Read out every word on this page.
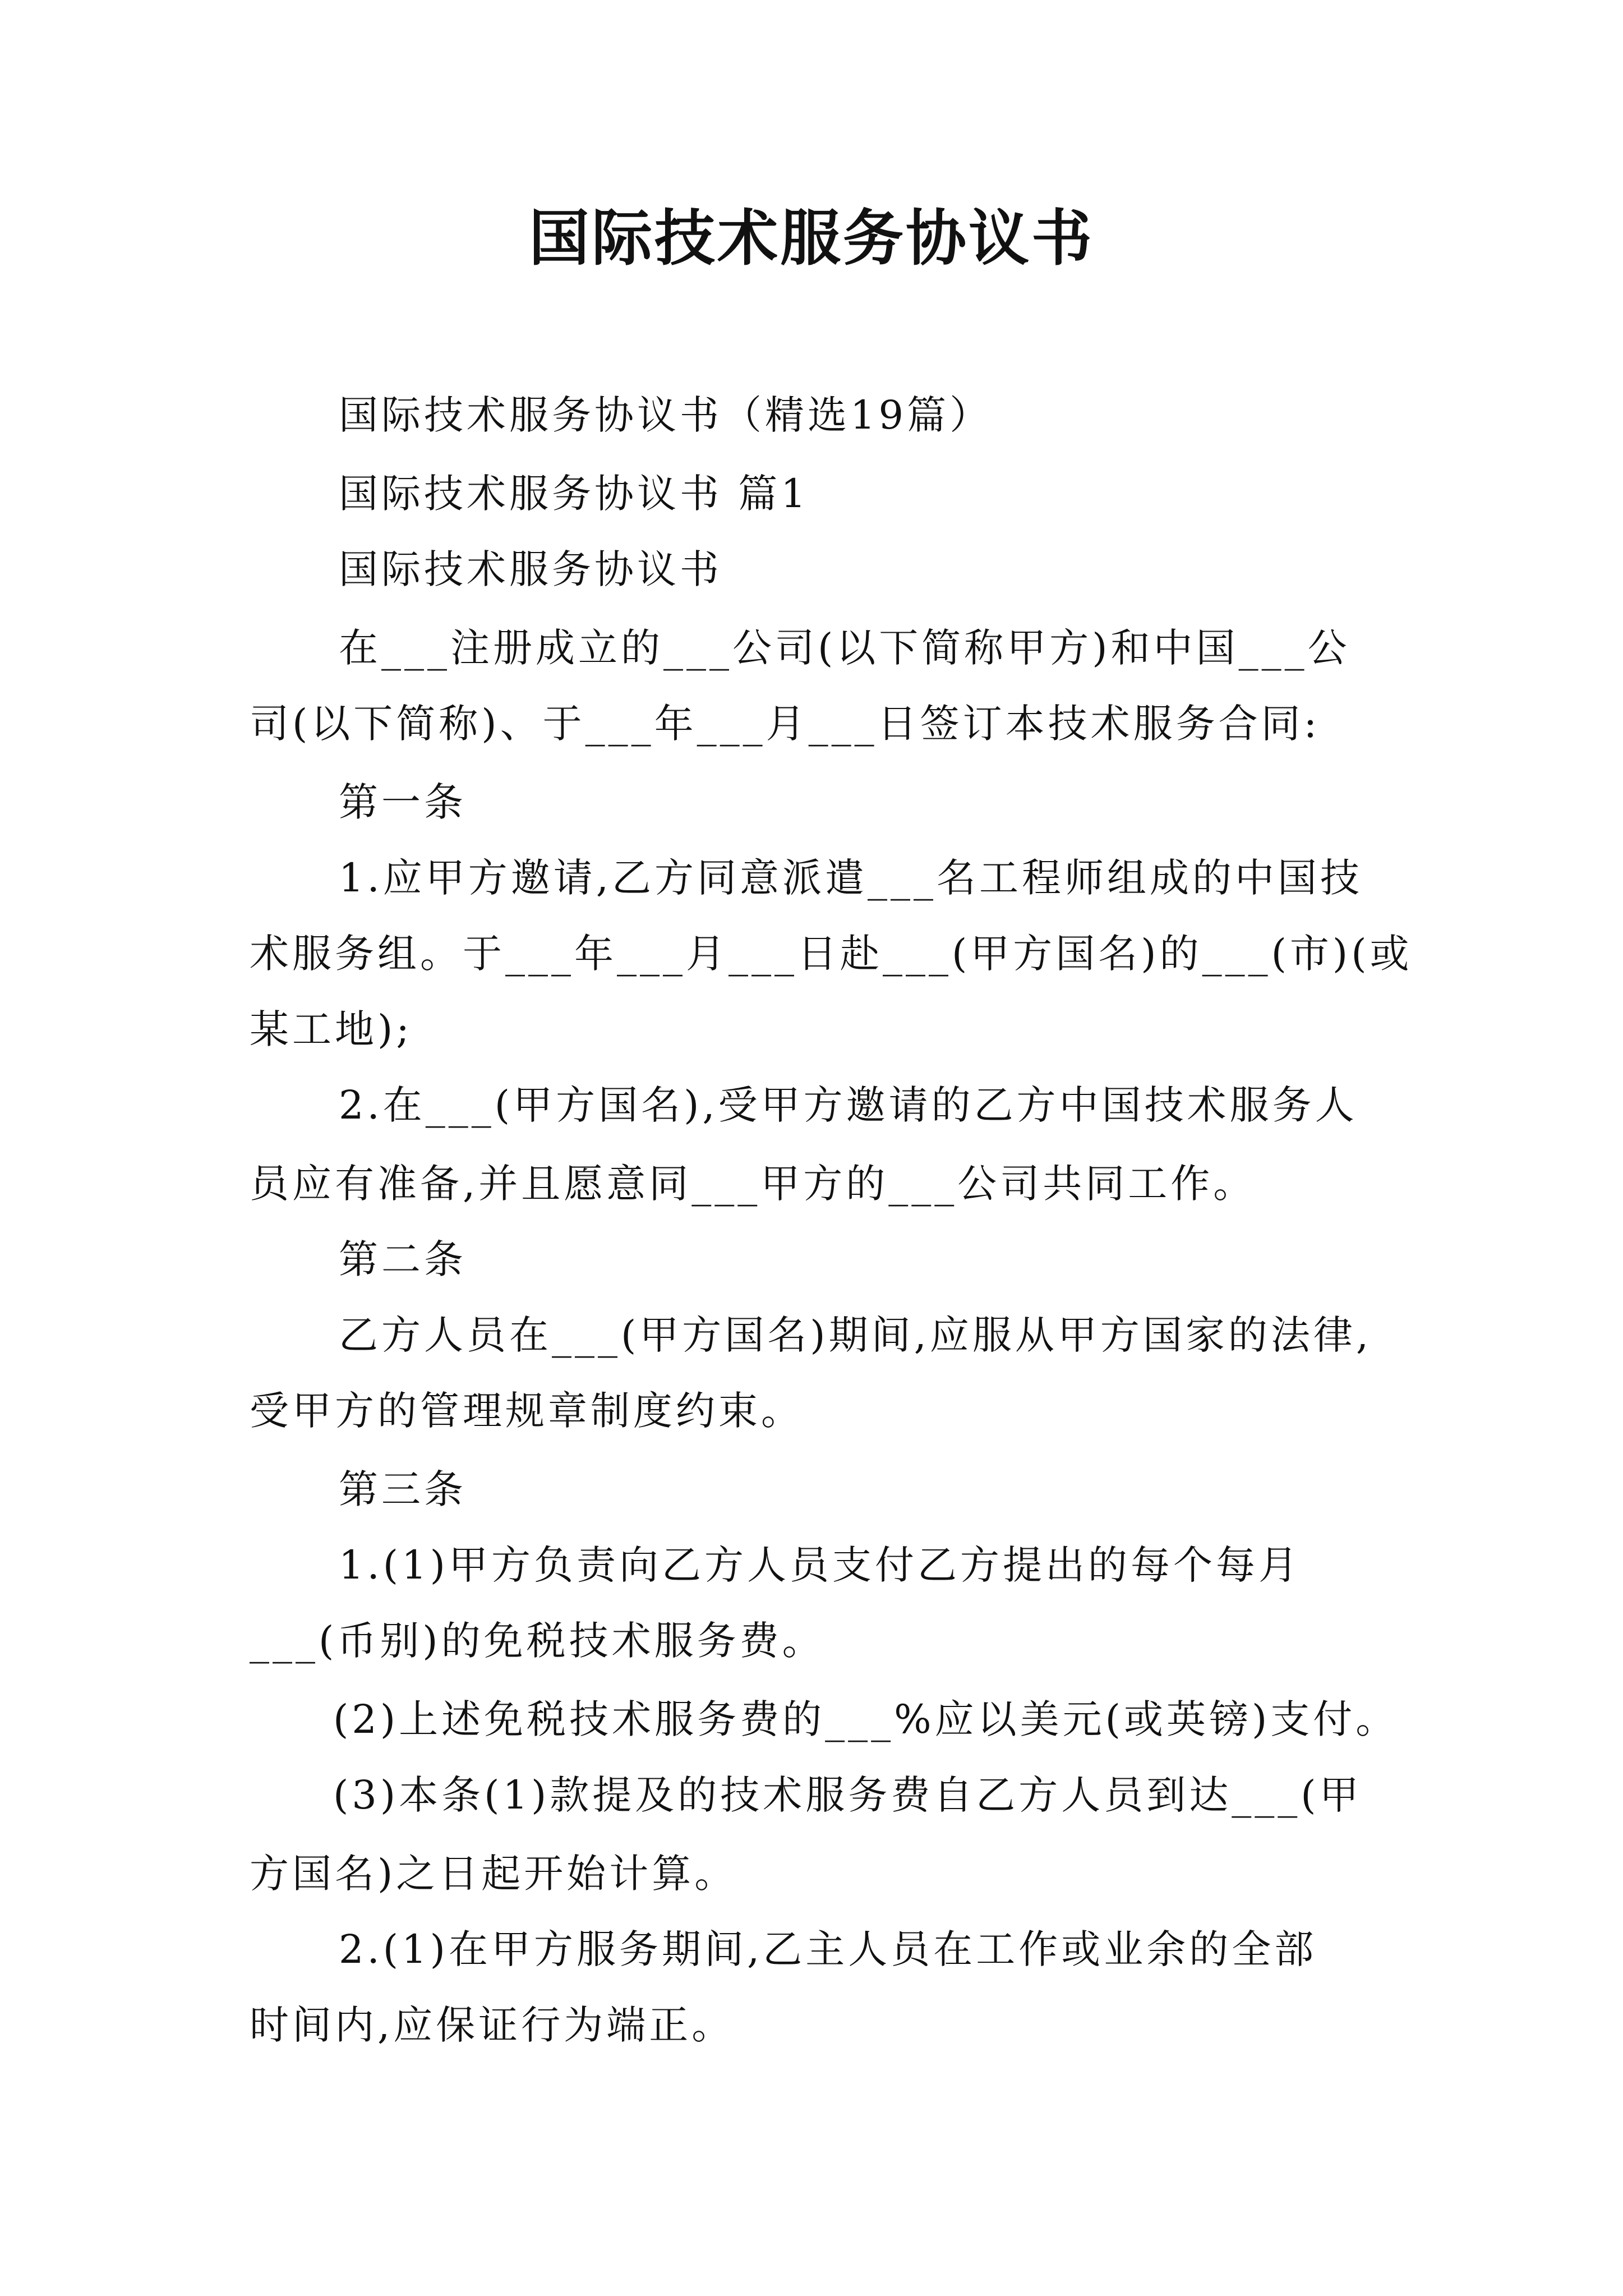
国际技术服务协议书
国际技术服务协议书（精选19篇）
国际技术服务协议书 篇1
国际技术服务协议书
在___注册成立的___公司(以下简称甲方)和中国___公
司(以下简称)、于___年___月___日签订本技术服务合同:
第一条
1.应甲方邀请,乙方同意派遣___名工程师组成的中国技
术服务组。于___年___月___日赴___(甲方国名)的___(市)(或
某工地);
2.在___(甲方国名),受甲方邀请的乙方中国技术服务人
员应有准备,并且愿意同___甲方的___公司共同工作。
第二条
乙方人员在___(甲方国名)期间,应服从甲方国家的法律,
受甲方的管理规章制度约束。
第三条
1.(1)甲方负责向乙方人员支付乙方提出的每个每月
___(币别)的免税技术服务费。
(2)上述免税技术服务费的___%应以美元(或英镑)支付。
(3)本条(1)款提及的技术服务费自乙方人员到达___(甲
方国名)之日起开始计算。
2.(1)在甲方服务期间,乙主人员在工作或业余的全部
时间内,应保证行为端正。
